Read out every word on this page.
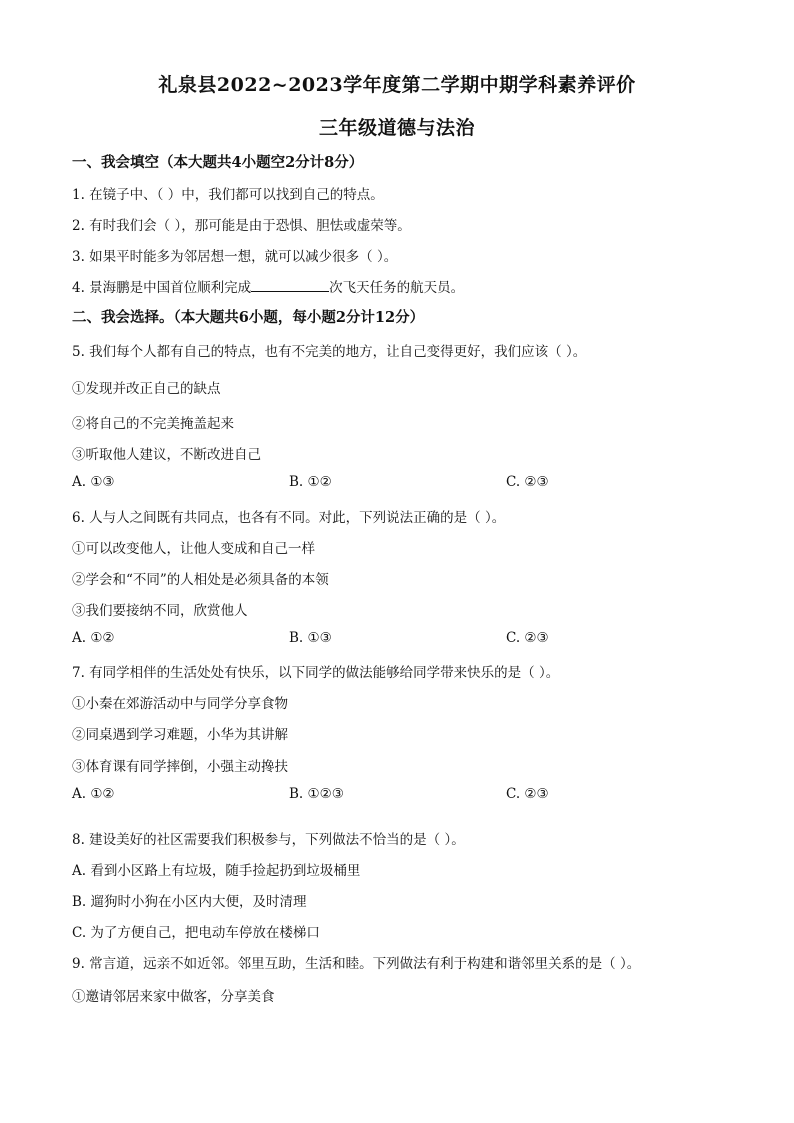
礼泉县2022~2023学年度第二学期中期学科素养评价
三年级道德与法治
一、我会填空（本大题共4小题空2分计8分）
1. 在镜子中、（ ）中，我们都可以找到自己的特点。
2. 有时我们会（ ），那可能是由于恐惧、胆怯或虚荣等。
3. 如果平时能多为邻居想一想，就可以减少很多（ ）。
4. 景海鹏是中国首位顺利完成	次飞天任务的航天员。
二、我会选择。（本大题共6小题，每小题2分计12分）
5. 我们每个人都有自己的特点，也有不完美的地方，让自己变得更好，我们应该（ ）。
①发现并改正自己的缺点
②将自己的不完美掩盖起来
③听取他人建议，不断改进自己
A. ①③	B. ①②	C. ②③
6. 人与人之间既有共同点，也各有不同。对此，下列说法正确的是（ ）。
①可以改变他人，让他人变成和自己一样
②学会和“不同”的人相处是必须具备的本领
③我们要接纳不同，欣赏他人
A. ①②	B. ①③	C. ②③
7. 有同学相伴的生活处处有快乐，以下同学的做法能够给同学带来快乐的是（ ）。
①小秦在郊游活动中与同学分享食物
②同桌遇到学习难题，小华为其讲解
③体育课有同学摔倒，小强主动搀扶
A. ①②	B. ①②③	C. ②③
8. 建设美好的社区需要我们积极参与，下列做法不恰当的是（ ）。
A. 看到小区路上有垃圾，随手捡起扔到垃圾桶里
B. 遛狗时小狗在小区内大便，及时清理
C. 为了方便自己，把电动车停放在楼梯口
9. 常言道，远亲不如近邻。邻里互助，生活和睦。下列做法有利于构建和谐邻里关系的是（ ）。
①邀请邻居来家中做客，分享美食
